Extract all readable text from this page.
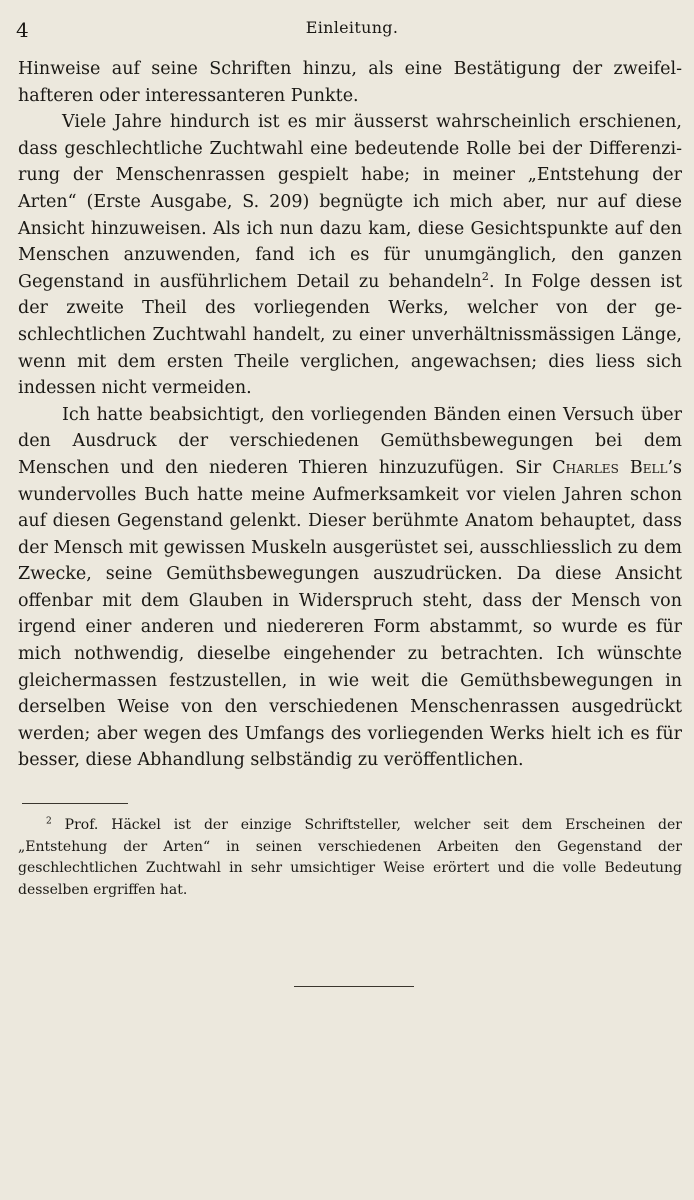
4	Einleitung.

Hinweise auf seine Schriften hinzu, als eine Bestätigung der zweifelhafteren oder interessanteren Punkte.

Viele Jahre hindurch ist es mir äusserst wahrscheinlich erschienen, dass geschlechtliche Zuchtwahl eine bedeutende Rolle bei der Differenzirung der Menschenrassen gespielt habe; in meiner „Entstehung der Arten“ (Erste Ausgabe, S. 209) begnügte ich mich aber, nur auf diese Ansicht hinzuweisen. Als ich nun dazu kam, diese Gesichtspunkte auf den Menschen anzuwenden, fand ich es für unumgänglich, den ganzen Gegenstand in ausführlichem Detail zu behandeln$^2$. In Folge dessen ist der zweite Theil des vorliegenden Werks, welcher von der geschlechtlichen Zuchtwahl handelt, zu einer unverhältnissmässigen Länge, wenn mit dem ersten Theile verglichen, angewachsen; dies liess sich indessen nicht vermeiden.

Ich hatte beabsichtigt, den vorliegenden Bänden einen Versuch über den Ausdruck der verschiedenen Gemüthsbewegungen bei dem Menschen und den niederen Thieren hinzuzufügen. Sir Charles Bell’s wundervolles Buch hatte meine Aufmerksamkeit vor vielen Jahren schon auf diesen Gegenstand gelenkt. Dieser berühmte Anatom behauptet, dass der Mensch mit gewissen Muskeln ausgerüstet sei, ausschliesslich zu dem Zwecke, seine Gemüthsbewegungen auszudrücken. Da diese Ansicht offenbar mit dem Glauben in Widerspruch steht, dass der Mensch von irgend einer anderen und niedereren Form abstammt, so wurde es für mich nothwendig, dieselbe eingehender zu betrachten. Ich wünschte gleichermassen festzustellen, in wie weit die Gemüthsbewegungen in derselben Weise von den verschiedenen Menschenrassen ausgedrückt werden; aber wegen des Umfangs des vorliegenden Werks hielt ich es für besser, diese Abhandlung selbständig zu veröffentlichen.

$^2$ Prof. Häckel ist der einzige Schriftsteller, welcher seit dem Erscheinen der „Entstehung der Arten“ in seinen verschiedenen Arbeiten den Gegenstand der geschlechtlichen Zuchtwahl in sehr umsichtiger Weise erörtert und die volle Bedeutung desselben ergriffen hat.
